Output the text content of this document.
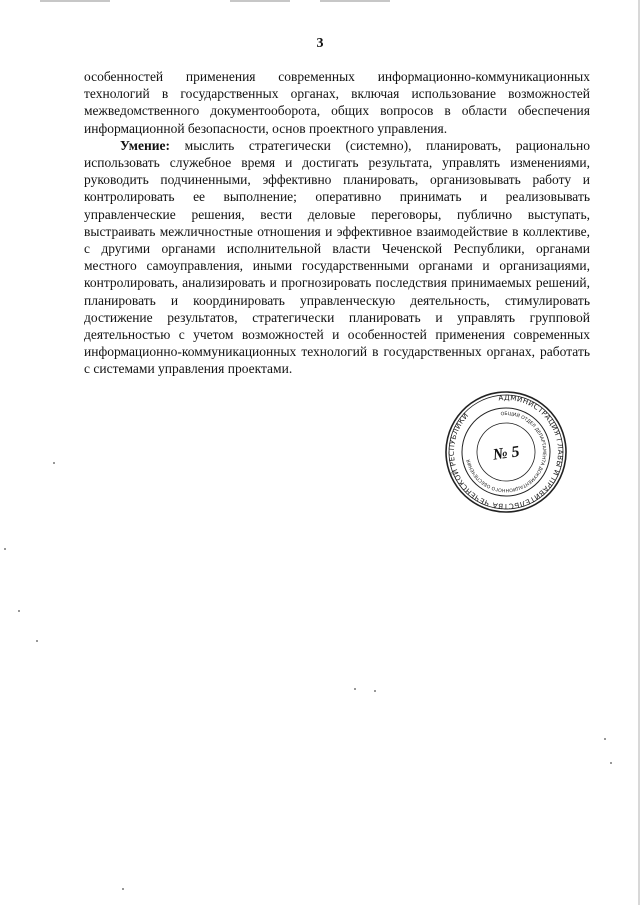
3

особенностей применения современных информационно-коммуникационных технологий в государственных органах, включая использование возможностей межведомственного документооборота, общих вопросов в области обеспечения информационной безопасности, основ проектного управления.

Умение: мыслить стратегически (системно), планировать, рационально использовать служебное время и достигать результата, управлять изменениями, руководить подчиненными, эффективно планировать, организовывать работу и контролировать ее выполнение; оперативно принимать и реализовывать управленческие решения, вести деловые переговоры, публично выступать, выстраивать межличностные отношения и эффективное взаимодействие в коллективе, с другими органами исполнительной власти Чеченской Республики, органами местного самоуправления, иными государственными органами и организациями, контролировать, анализировать и прогнозировать последствия принимаемых решений, планировать и координировать управленческую деятельность, стимулировать достижение результатов, стратегически планировать и управлять групповой деятельностью с учетом возможностей и особенностей применения современных информационно-коммуникационных технологий в государственных органах, работать с системами управления проектами.

АДМИНИСТРАЦИЯ ГЛАВЫ И ПРАВИТЕЛЬСТВА ЧЕЧЕНСКОЙ РЕСПУБЛИКИ	ОБЩИЙ ОТДЕЛ ДЕПАРТАМЕНТА ДОКУМЕНТАЦИОННОГО ОБЕСПЕЧЕНИЯ	№ 5
